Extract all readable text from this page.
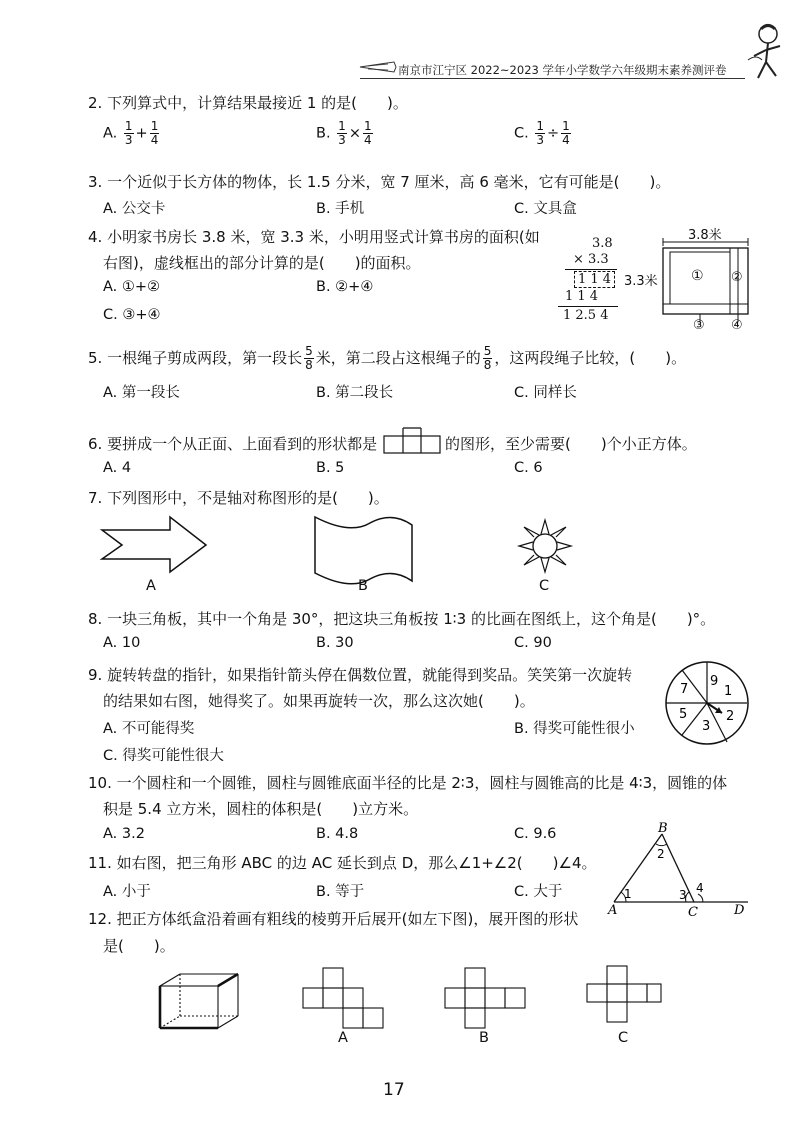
南京市江宁区 2022~2023 学年小学数学六年级期末素养测评卷
2. 下列算式中，计算结果最接近 1 的是(　　)。
A. $\frac{1}{3} + \frac{1}{4}$	B. $\frac{1}{3} \times \frac{1}{4}$	C. $\frac{1}{3} \div \frac{1}{4}$
3. 一个近似于长方体的物体，长 1.5 分米，宽 7 厘米，高 6 毫米，它有可能是(　　)。
A. 公交卡	B. 手机	C. 文具盒
4. 小明家书房长 3.8 米，宽 3.3 米，小明用竖式计算书房的面积(如
右图)，虚线框出的部分计算的是(　　)的面积。
A. ①+②	B. ②+④
C. ③+④
3.8
× 3.3
1 1 4
1 1 4
1 2.5 4
3.8米
3.3米 ① ②
③ ④
5. 一根绳子剪成两段，第一段长 $\frac{5}{8}$ 米，第二段占这根绳子的 $\frac{5}{8}$ ，这两段绳子比较，(　　)。
A. 第一段长	B. 第二段长	C. 同样长
6. 要拼成一个从正面、上面看到的形状都是	的图形，至少需要(　　)个小正方体。
A. 4	B. 5	C. 6
7. 下列图形中，不是轴对称图形的是(　　)。
A	B	C
8. 一块三角板，其中一个角是 30°，把这块三角板按 1∶3 的比画在图纸上，这个角是(　　)°。
A. 10	B. 30	C. 90
9. 旋转转盘的指针，如果指针箭头停在偶数位置，就能得到奖品。笑笑第一次旋转
的结果如右图，她得奖了。如果再旋转一次，那么这次她(　　)。
A. 不可能得奖	B. 得奖可能性很小
C. 得奖可能性很大
9
1
2
3
5
7
10. 一个圆柱和一个圆锥，圆柱与圆锥底面半径的比是 2∶3，圆柱与圆锥高的比是 4∶3，圆锥的体
积是 5.4 立方米，圆柱的体积是(　　)立方米。
A. 3.2	B. 4.8	C. 9.6
11. 如右图，把三角形 ABC 的边 AC 延长到点 D，那么∠1+∠2(　　)∠4。
A. 小于	B. 等于	C. 大于
B
2
1	3 4
A	C	D
12. 把正方体纸盒沿着画有粗线的棱剪开后展开(如左下图)，展开图的形状
是(　　)。
A	B	C
17
